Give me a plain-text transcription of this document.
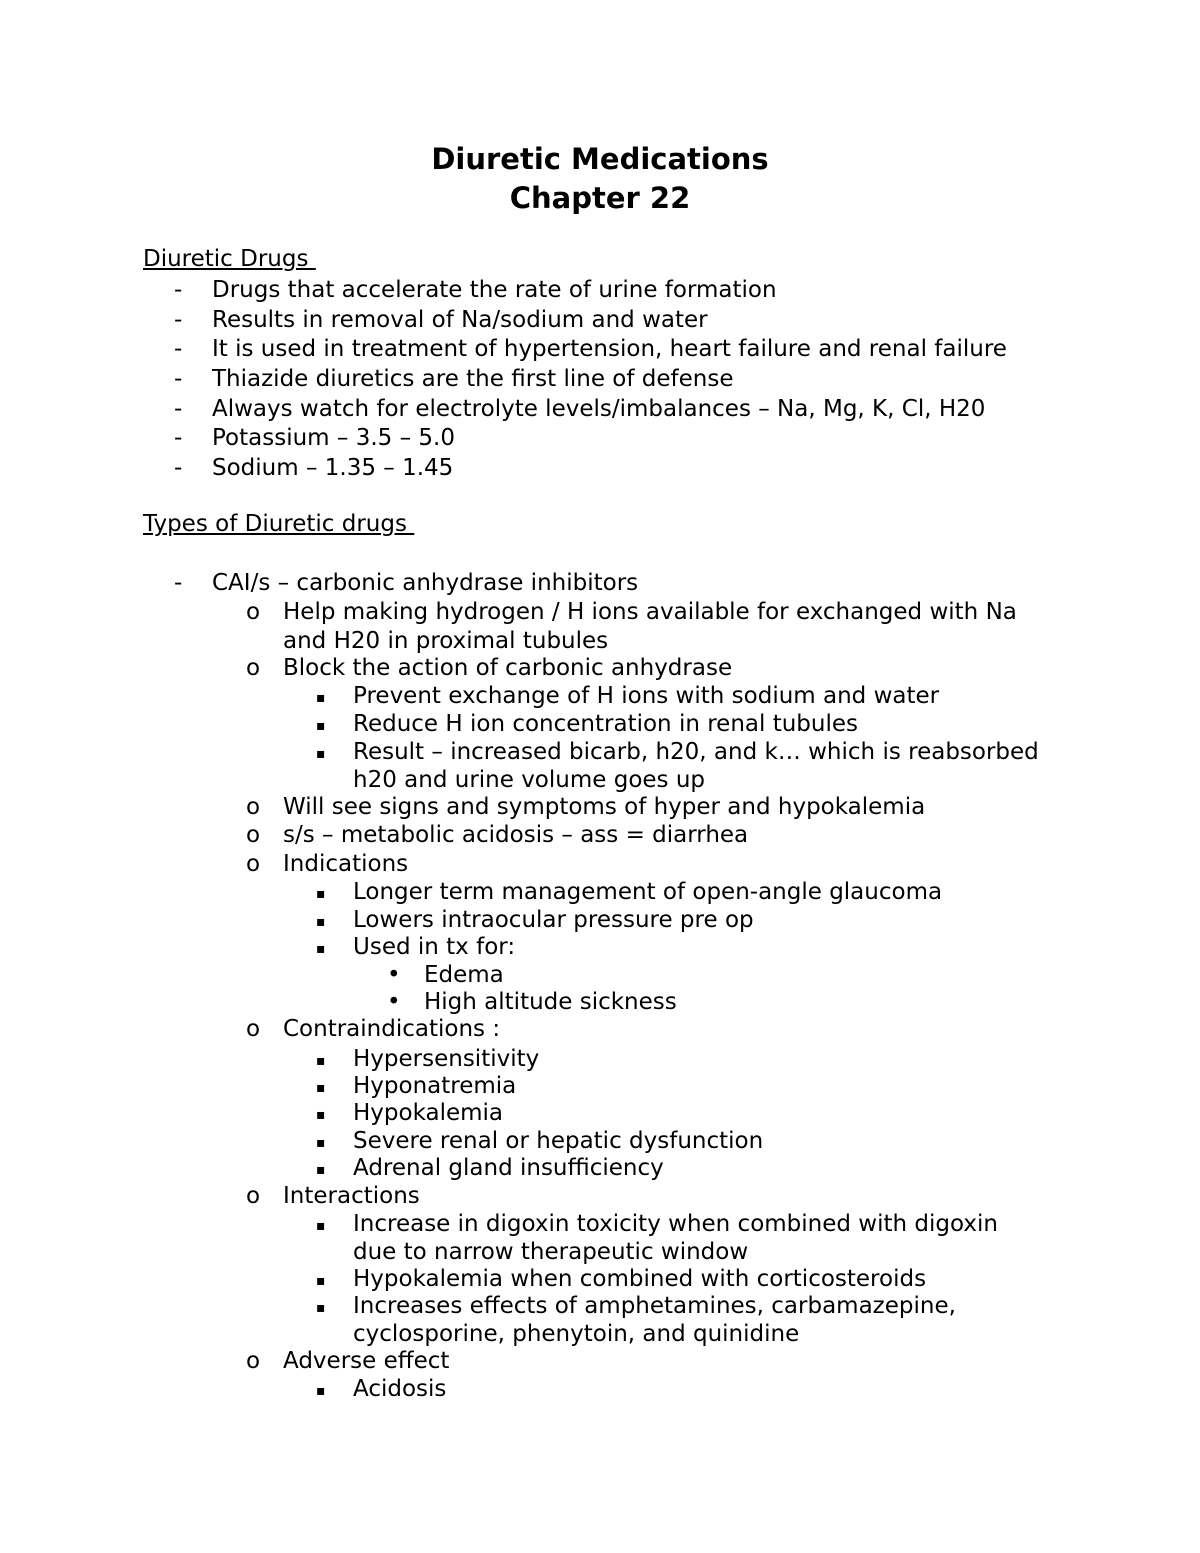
Diuretic Medications
Chapter 22
Diuretic Drugs
- Drugs that accelerate the rate of urine formation
- Results in removal of Na/sodium and water
- It is used in treatment of hypertension, heart failure and renal failure
- Thiazide diuretics are the first line of defense
- Always watch for electrolyte levels/imbalances – Na, Mg, K, Cl, H20
- Potassium – 3.5 – 5.0
- Sodium – 1.35 – 1.45
Types of Diuretic drugs
- CAI/s – carbonic anhydrase inhibitors
o Help making hydrogen / H ions available for exchanged with Na
and H20 in proximal tubules
o Block the action of carbonic anhydrase
▪ Prevent exchange of H ions with sodium and water
▪ Reduce H ion concentration in renal tubules
▪ Result – increased bicarb, h20, and k… which is reabsorbed
h20 and urine volume goes up
o Will see signs and symptoms of hyper and hypokalemia
o s/s – metabolic acidosis – ass = diarrhea
o Indications
▪ Longer term management of open-angle glaucoma
▪ Lowers intraocular pressure pre op
▪ Used in tx for:
• Edema
• High altitude sickness
o Contraindications :
▪ Hypersensitivity
▪ Hyponatremia
▪ Hypokalemia
▪ Severe renal or hepatic dysfunction
▪ Adrenal gland insufficiency
o Interactions
▪ Increase in digoxin toxicity when combined with digoxin
due to narrow therapeutic window
▪ Hypokalemia when combined with corticosteroids
▪ Increases effects of amphetamines, carbamazepine,
cyclosporine, phenytoin, and quinidine
o Adverse effect
▪ Acidosis
